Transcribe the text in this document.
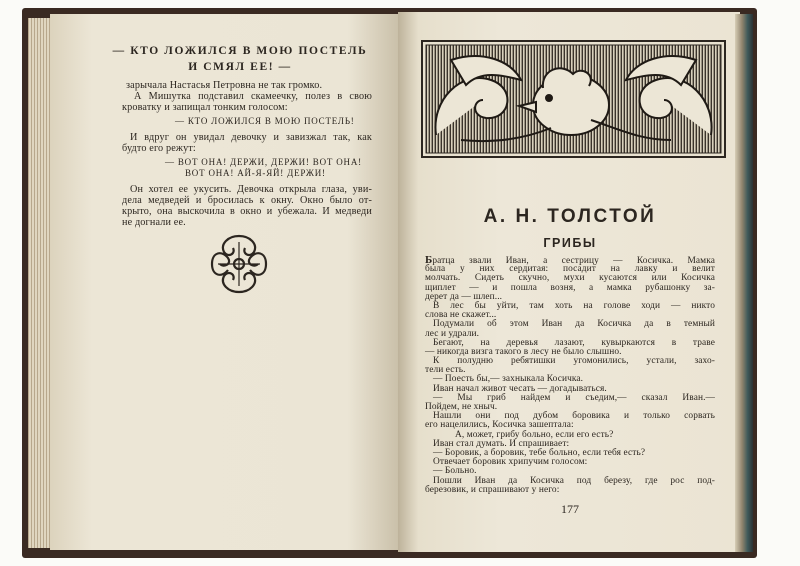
— КТО ЛОЖИЛСЯ В МОЮ ПОСТЕЛЬ
И СМЯЛ ЕЕ! —
зарычала Настасья Петровна не так громко.
А Мишутка подставил скамеечку, полез в свою
кроватку и запищал тонким голосом:
— КТО ЛОЖИЛСЯ В МОЮ ПОСТЕЛЬ!
И вдруг он увидал девочку и завизжал так, как
будто его режут:
— ВОТ ОНА! ДЕРЖИ, ДЕРЖИ! ВОТ ОНА!
ВОТ ОНА! АЙ-Я-ЯЙ! ДЕРЖИ!
Он хотел ее укусить. Девочка открыла глаза, уви-
дела медведей и бросилась к окну. Окно было от-
крыто, она выскочила в окно и убежала. И медведи
не догнали ее.	А. Н. ТОЛСТОЙ
ГРИБЫ
Братца звали Иван, а сестрицу — Косичка. Мамка
была у них сердитая: посадит на лавку и велит
молчать. Сидеть скучно, мухи кусаются или Косичка
щиплет — и пошла возня, а мамка рубашонку за-
дерет да — шлеп...
В лес бы уйти, там хоть на голове ходи — никто
слова не скажет...
Подумали об этом Иван да Косичка да в темный
лес и удрали.
Бегают, на деревья лазают, кувыркаются в траве
— никогда визга такого в лесу не было слышно.
К полудню ребятишки угомонились, устали, захо-
тели есть.
— Поесть бы,— захныкала Косичка.
Иван начал живот чесать — догадываться.
— Мы гриб найдем и съедим,— сказал Иван.—
Пойдем, не хныч.
Нашли они под дубом боровика и только сорвать
его нацелились, Косичка зашептала:
А, может, грибу больно, если его есть?
Иван стал думать. И спрашивает:
— Боровик, а боровик, тебе больно, если тебя есть?
Отвечает боровик хрипучим голосом:
— Больно.
Пошли Иван да Косичка под березу, где рос под-
березовик, и спрашивают у него:
177
